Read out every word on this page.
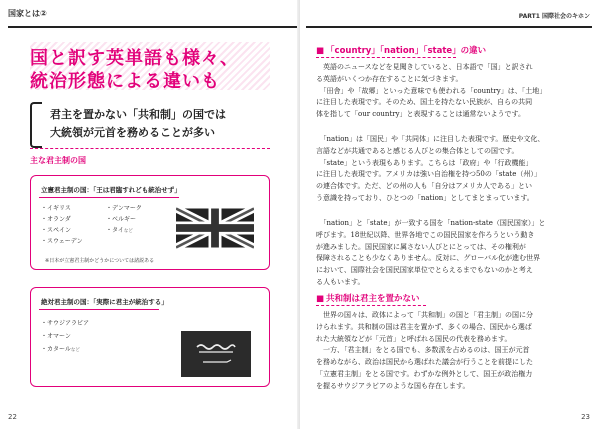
国家とは②
国と訳す英単語も様々、
統治形態による違いも
君主を置かない「共和制」の国では
大統領が元首を務めることが多い
主な君主制の国
立憲君主制の国：「王は君臨すれども統治せず」
・イギリス
・オランダ
・スペイン
・スウェーデン
・デンマーク
・ベルギー
・タイなど
※日本が立憲君主制かどうかについては諸説ある
絶対君主制の国：「実際に君主が統治する」
・サウジアラビア
・オマーン
・カタールなど
22
PART1 国際社会のキホン
■ 「country」「nation」「state」の違い
　英語のニュースなどを見聞きしていると、日本語で「国」と訳され
る英語がいくつか存在することに気づきます。
　「田舎」や「故郷」といった意味でも使われる「country」は、「土地」
に注目した表現です。そのため、国土を持たない民族が、自らの共同
体を指して「our country」と表現することは通常ないようです。
　「nation」は「国民」や「共同体」に注目した表現です。歴史や文化、
言語などが共通であると感じる人びとの集合体としての国です。
　「state」という表現もあります。こちらは「政府」や「行政機能」
に注目した表現です。アメリカは強い自治権を持つ50の「state（州）」
の連合体です。ただ、どの州の人も「自分はアメリカ人である」とい
う意識を持っており、ひとつの「nation」としてまとまっています。
　「nation」と「state」が一致する国を「nation-state（国民国家）」と
呼びます。18世紀以降、世界各地でこの国民国家を作ろうという動き
が進みました。国民国家に属さない人びとにとっては、その権利が
保障されることも少なくありません。反対に、グローバル化が進む世界
において、国際社会を国民国家単位でとらえるまでもないのかと考え
る人もいます。
■ 共和制は君主を置かない
　世界の国々は、政体によって「共和制」の国と「君主制」の国に分
けられます。共和制の国は君主を置かず、多くの場合、国民から選ば
れた大統領などが「元首」と呼ばれる国民の代表を務めます。
　一方、「君主制」をとる国でも、多数派を占めるのは、国王が元首
を務めながら、政治は国民から選ばれた議会が行うことを前提にした
「立憲君主制」をとる国です。わずかな例外として、国王が政治権力
を握るサウジアラビアのような国も存在します。
23
